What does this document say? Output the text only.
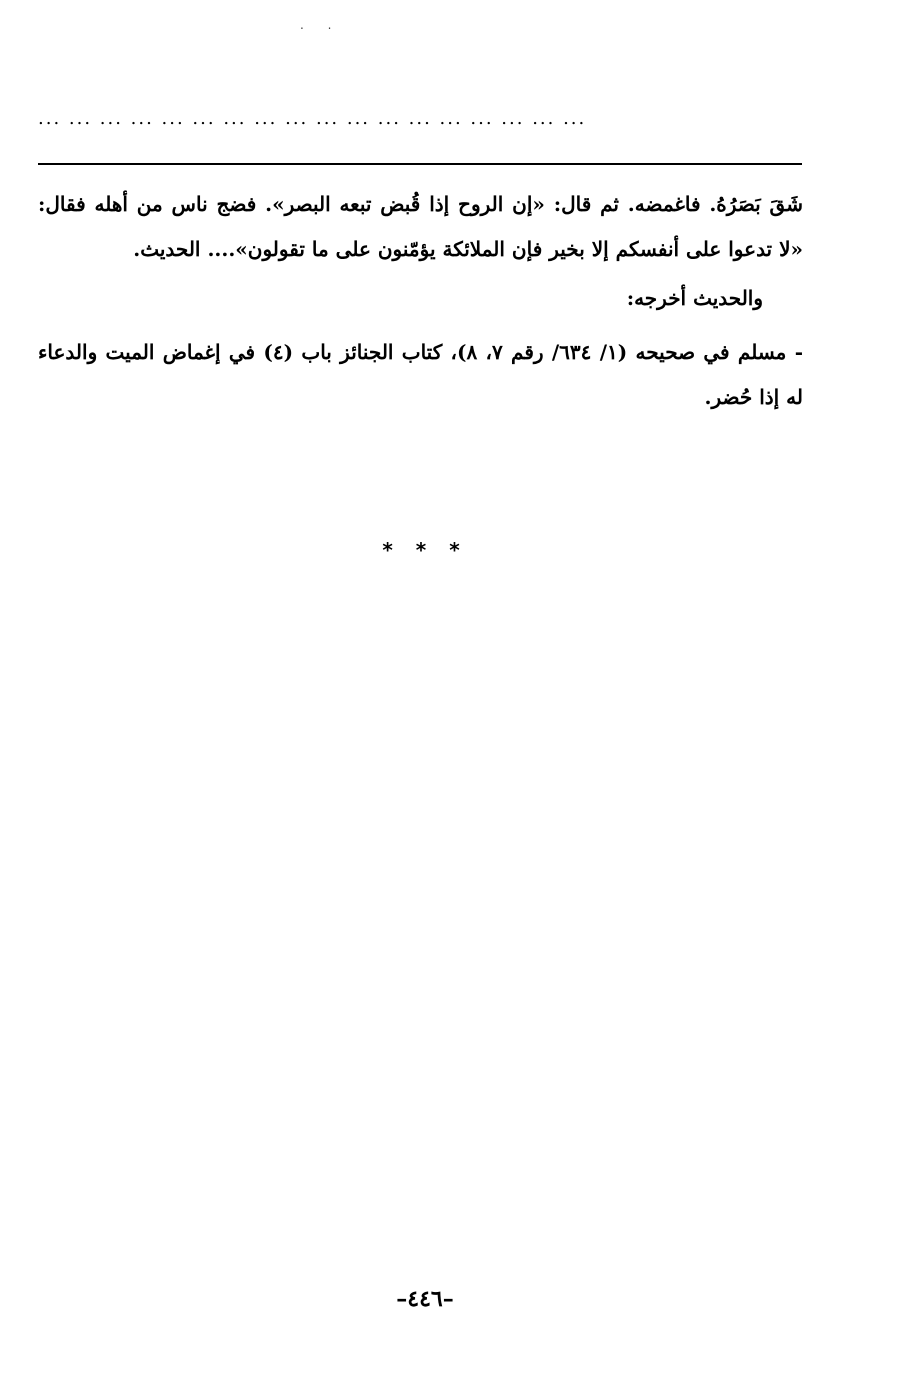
. .
... ... ... ... ... ... ... ... ... ... ... ... ... ... ... ... ... ...
شَقَ بَصَرُهُ. فاغمضه. ثم قال: «إن الروح إذا قُبض تبعه البصر». فضج ناس من أهله فقال: «لا تدعوا على أنفسكم إلا بخير فإن الملائكة يؤمّنون على ما تقولون».... الحديث.
والحديث أخرجه:
- مسلم في صحيحه (١/ ٦٣٤/ رقم ٧، ٨)، كتاب الجنائز باب (٤) في إغماض الميت والدعاء له إذا حُضر.
* * *
–٤٤٦–
